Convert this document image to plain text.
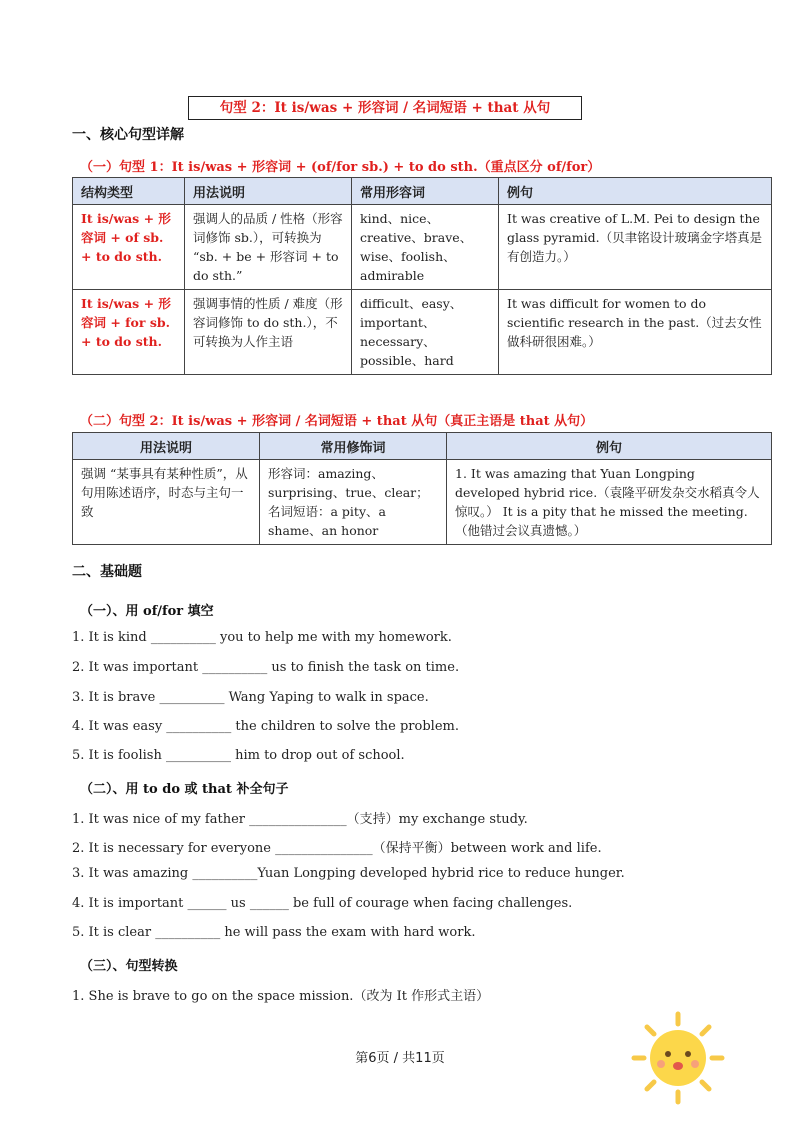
句型 2：It is/was + 形容词 / 名词短语 + that 从句
一、核心句型详解
（一）句型 1：It is/was + 形容词 + (of/for sb.) + to do sth.（重点区分 of/for）
结构类型	用法说明	常用形容词	例句
It is/was + 形容词 + of sb. + to do sth.	强调人的品质 / 性格（形容词修饰 sb.），可转换为 “sb. + be + 形容词 + to do sth.”	kind、nice、creative、brave、wise、foolish、admirable	It was creative of L.M. Pei to design the glass pyramid.（贝聿铭设计玻璃金字塔真是有创造力。）
It is/was + 形容词 + for sb. + to do sth.	强调事情的性质 / 难度（形容词修饰 to do sth.），不可转换为人作主语	difficult、easy、important、necessary、possible、hard	It was difficult for women to do scientific research in the past.（过去女性做科研很困难。）
（二）句型 2：It is/was + 形容词 / 名词短语 + that 从句（真正主语是 that 从句）
用法说明	常用修饰词	例句
强调 “某事具有某种性质”，从句用陈述语序，时态与主句一致	形容词：amazing、surprising、true、clear；名词短语：a pity、a shame、an honor	1. It was amazing that Yuan Longping developed hybrid rice.（袁隆平研发杂交水稻真令人惊叹。） It is a pity that he missed the meeting.（他错过会议真遗憾。）
二、基础题
（一）、用 of/for 填空
1. It is kind __________ you to help me with my homework.
2. It was important __________ us to finish the task on time.
3. It is brave __________ Wang Yaping to walk in space.
4. It was easy __________ the children to solve the problem.
5. It is foolish __________ him to drop out of school.
（二）、用 to do 或 that 补全句子
1. It was nice of my father _______________（支持）my exchange study.
2. It is necessary for everyone _______________（保持平衡）between work and life.
3. It was amazing __________Yuan Longping developed hybrid rice to reduce hunger.
4. It is important ______ us ______ be full of courage when facing challenges.
5. It is clear __________ he will pass the exam with hard work.
（三）、句型转换
1. She is brave to go on the space mission.（改为 It 作形式主语）
第6页 / 共11页
